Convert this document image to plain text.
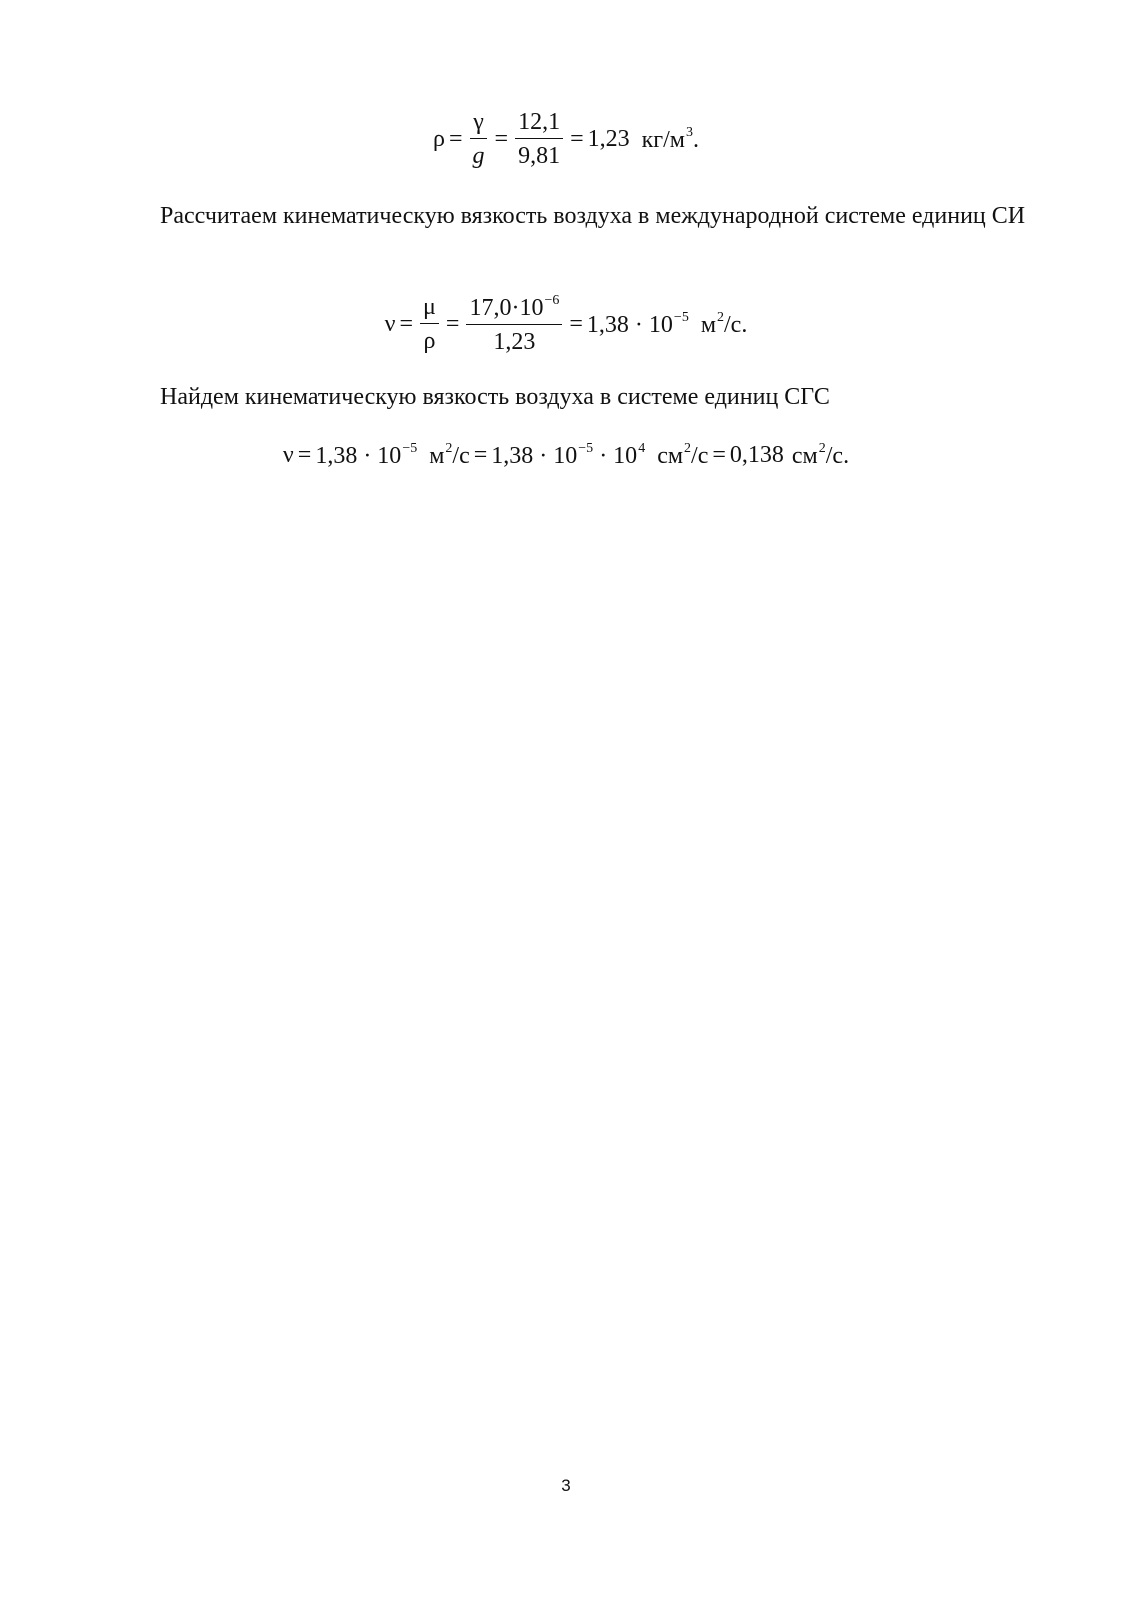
$\rho = \frac{\gamma}{g} = \frac{12,1}{9,81} = 1,23$ $кг/м^3$.
Рассчитаем кинематическую вязкость воздуха в международной системе единиц СИ
$\nu = \frac{\mu}{\rho} = \frac{17,0\cdot 10^{-6}}{1,23} = 1,38 \cdot 10^{-5}$ $м^2/с$.
Найдем кинематическую вязкость воздуха в системе единиц СГС
$\nu = 1,38 \cdot 10^{-5}$ $м^2/с = 1,38 \cdot 10^{-5} \cdot 10^4$ $см^2/с = 0,138$ $см^2/с$.
3
